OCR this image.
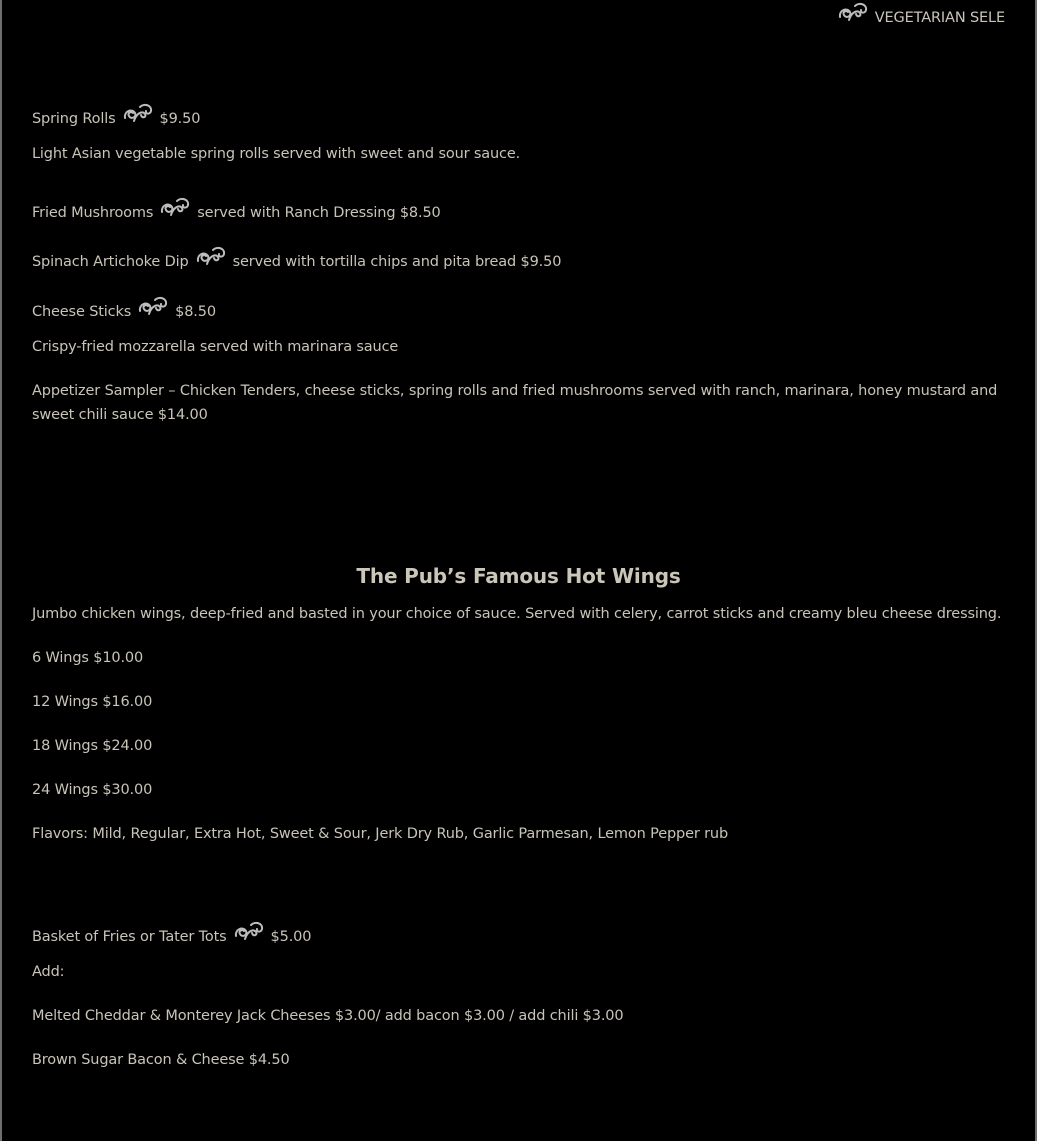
VEGETARIAN SELE
Spring Rolls	$9.50
Light Asian vegetable spring rolls served with sweet and sour sauce.
Fried Mushrooms	served with Ranch Dressing $8.50
Spinach Artichoke Dip	served with tortilla chips and pita bread $9.50
Cheese Sticks	$8.50
Crispy-fried mozzarella served with marinara sauce
Appetizer Sampler – Chicken Tenders, cheese sticks, spring rolls and fried mushrooms served with ranch, marinara, honey mustard and sweet chili sauce $14.00
The Pub’s Famous Hot Wings
Jumbo chicken wings, deep-fried and basted in your choice of sauce. Served with celery, carrot sticks and creamy bleu cheese dressing.
6 Wings $10.00
12 Wings $16.00
18 Wings $24.00
24 Wings $30.00
Flavors: Mild, Regular, Extra Hot, Sweet & Sour, Jerk Dry Rub, Garlic Parmesan, Lemon Pepper rub
Basket of Fries or Tater Tots	$5.00
Add:
Melted Cheddar & Monterey Jack Cheeses $3.00/ add bacon $3.00 / add chili $3.00
Brown Sugar Bacon & Cheese $4.50
